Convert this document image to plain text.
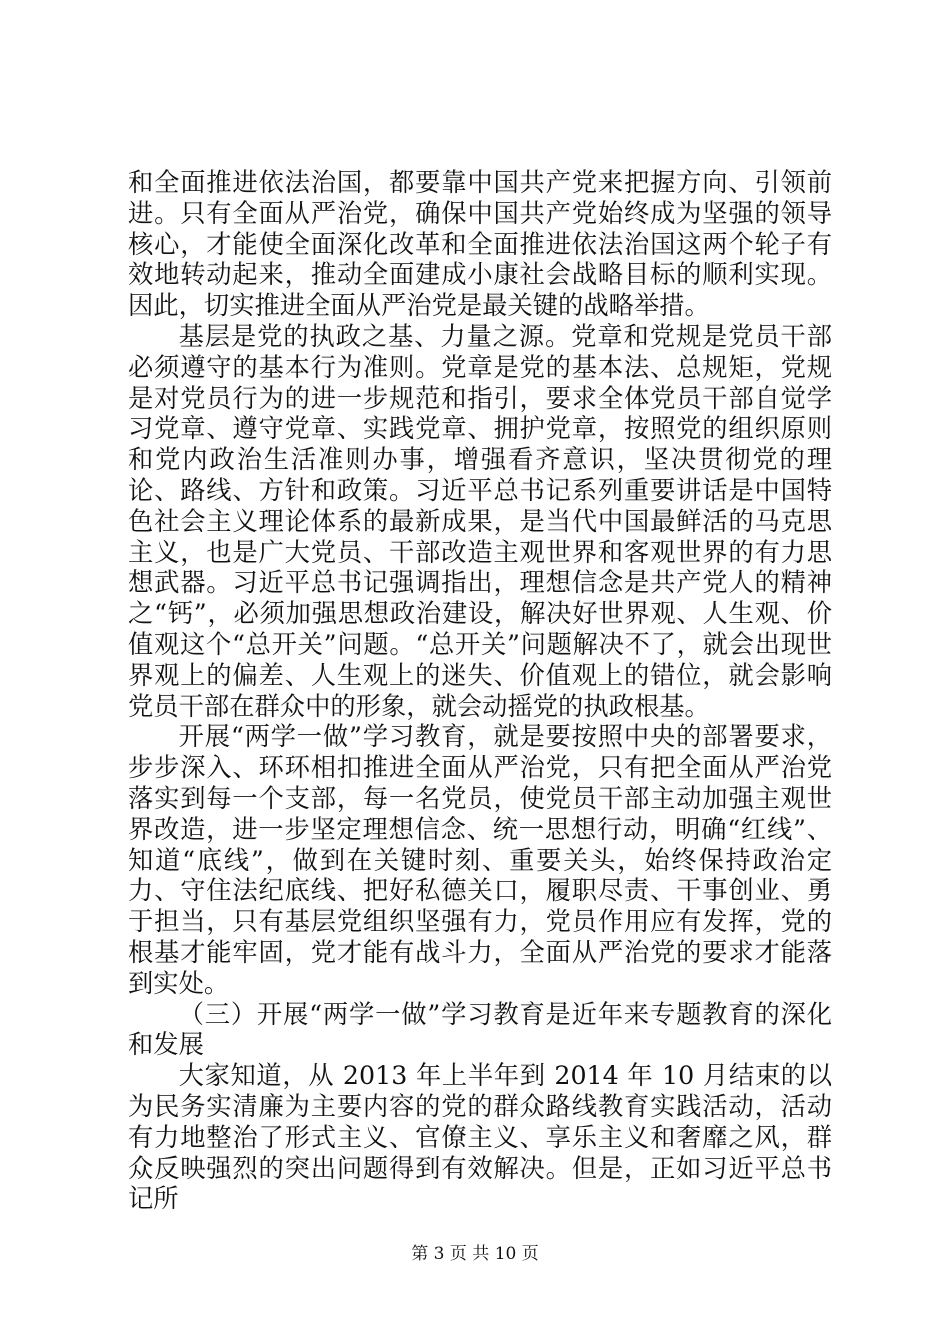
和全面推进依法治国，都要靠中国共产党来把握方向、引领前进。只有全面从严治党，确保中国共产党始终成为坚强的领导核心，才能使全面深化改革和全面推进依法治国这两个轮子有效地转动起来，推动全面建成小康社会战略目标的顺利实现。因此，切实推进全面从严治党是最关键的战略举措。

基层是党的执政之基、力量之源。党章和党规是党员干部必须遵守的基本行为准则。党章是党的基本法、总规矩，党规是对党员行为的进一步规范和指引，要求全体党员干部自觉学习党章、遵守党章、实践党章、拥护党章，按照党的组织原则和党内政治生活准则办事，增强看齐意识，坚决贯彻党的理论、路线、方针和政策。习近平总书记系列重要讲话是中国特色社会主义理论体系的最新成果，是当代中国最鲜活的马克思主义，也是广大党员、干部改造主观世界和客观世界的有力思想武器。习近平总书记强调指出，理想信念是共产党人的精神之“钙”，必须加强思想政治建设，解决好世界观、人生观、价值观这个“总开关”问题。“总开关”问题解决不了，就会出现世界观上的偏差、人生观上的迷失、价值观上的错位，就会影响党员干部在群众中的形象，就会动摇党的执政根基。

开展“两学一做”学习教育，就是要按照中央的部署要求，步步深入、环环相扣推进全面从严治党，只有把全面从严治党落实到每一个支部，每一名党员，使党员干部主动加强主观世界改造，进一步坚定理想信念、统一思想行动，明确“红线”、知道“底线”，做到在关键时刻、重要关头，始终保持政治定力、守住法纪底线、把好私德关口，履职尽责、干事创业、勇于担当，只有基层党组织坚强有力，党员作用应有发挥，党的根基才能牢固，党才能有战斗力，全面从严治党的要求才能落到实处。

（三）开展“两学一做”学习教育是近年来专题教育的深化和发展

大家知道，从 2013 年上半年到 2014 年 10 月结束的以为民务实清廉为主要内容的党的群众路线教育实践活动，活动有力地整治了形式主义、官僚主义、享乐主义和奢靡之风，群众反映强烈的突出问题得到有效解决。但是，正如习近平总书记所

第 3 页 共 10 页
